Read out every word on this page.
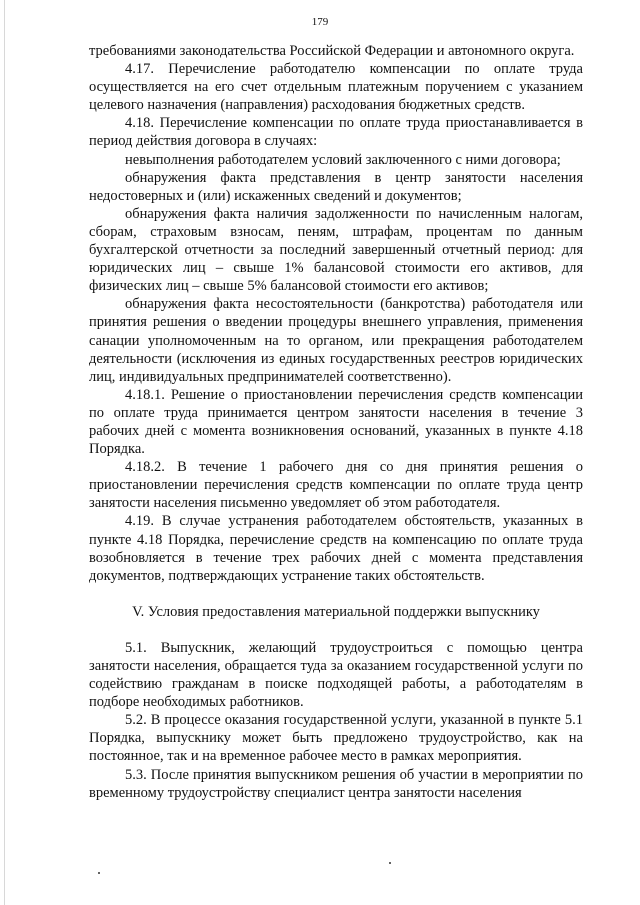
179

требованиями законодательства Российской Федерации и автономного округа.

4.17. Перечисление работодателю компенсации по оплате труда осуществляется на его счет отдельным платежным поручением с указанием целевого назначения (направления) расходования бюджетных средств.

4.18. Перечисление компенсации по оплате труда приостанавливается в период действия договора в случаях:

невыполнения работодателем условий заключенного с ними договора;

обнаружения факта представления в центр занятости населения недостоверных и (или) искаженных сведений и документов;

обнаружения факта наличия задолженности по начисленным налогам, сборам, страховым взносам, пеням, штрафам, процентам по данным бухгалтерской отчетности за последний завершенный отчетный период: для юридических лиц – свыше 1% балансовой стоимости его активов, для физических лиц – свыше 5% балансовой стоимости его активов;

обнаружения факта несостоятельности (банкротства) работодателя или принятия решения о введении процедуры внешнего управления, применения санации уполномоченным на то органом, или прекращения работодателем деятельности (исключения из единых государственных реестров юридических лиц, индивидуальных предпринимателей соответственно).

4.18.1. Решение о приостановлении перечисления средств компенсации по оплате труда принимается центром занятости населения в течение 3 рабочих дней с момента возникновения оснований, указанных в пункте 4.18 Порядка.

4.18.2. В течение 1 рабочего дня со дня принятия решения о приостановлении перечисления средств компенсации по оплате труда центр занятости населения письменно уведомляет об этом работодателя.

4.19. В случае устранения работодателем обстоятельств, указанных в пункте 4.18 Порядка, перечисление средств на компенсацию по оплате труда возобновляется в течение трех рабочих дней с момента представления документов, подтверждающих устранение таких обстоятельств.

V. Условия предоставления материальной поддержки выпускнику

5.1. Выпускник, желающий трудоустроиться с помощью центра занятости населения, обращается туда за оказанием государственной услуги по содействию гражданам в поиске подходящей работы, а работодателям в подборе необходимых работников.

5.2. В процессе оказания государственной услуги, указанной в пункте 5.1 Порядка, выпускнику может быть предложено трудоустройство, как на постоянное, так и на временное рабочее место в рамках мероприятия.

5.3. После принятия выпускником решения об участии в мероприятии по временному трудоустройству специалист центра занятости населения
